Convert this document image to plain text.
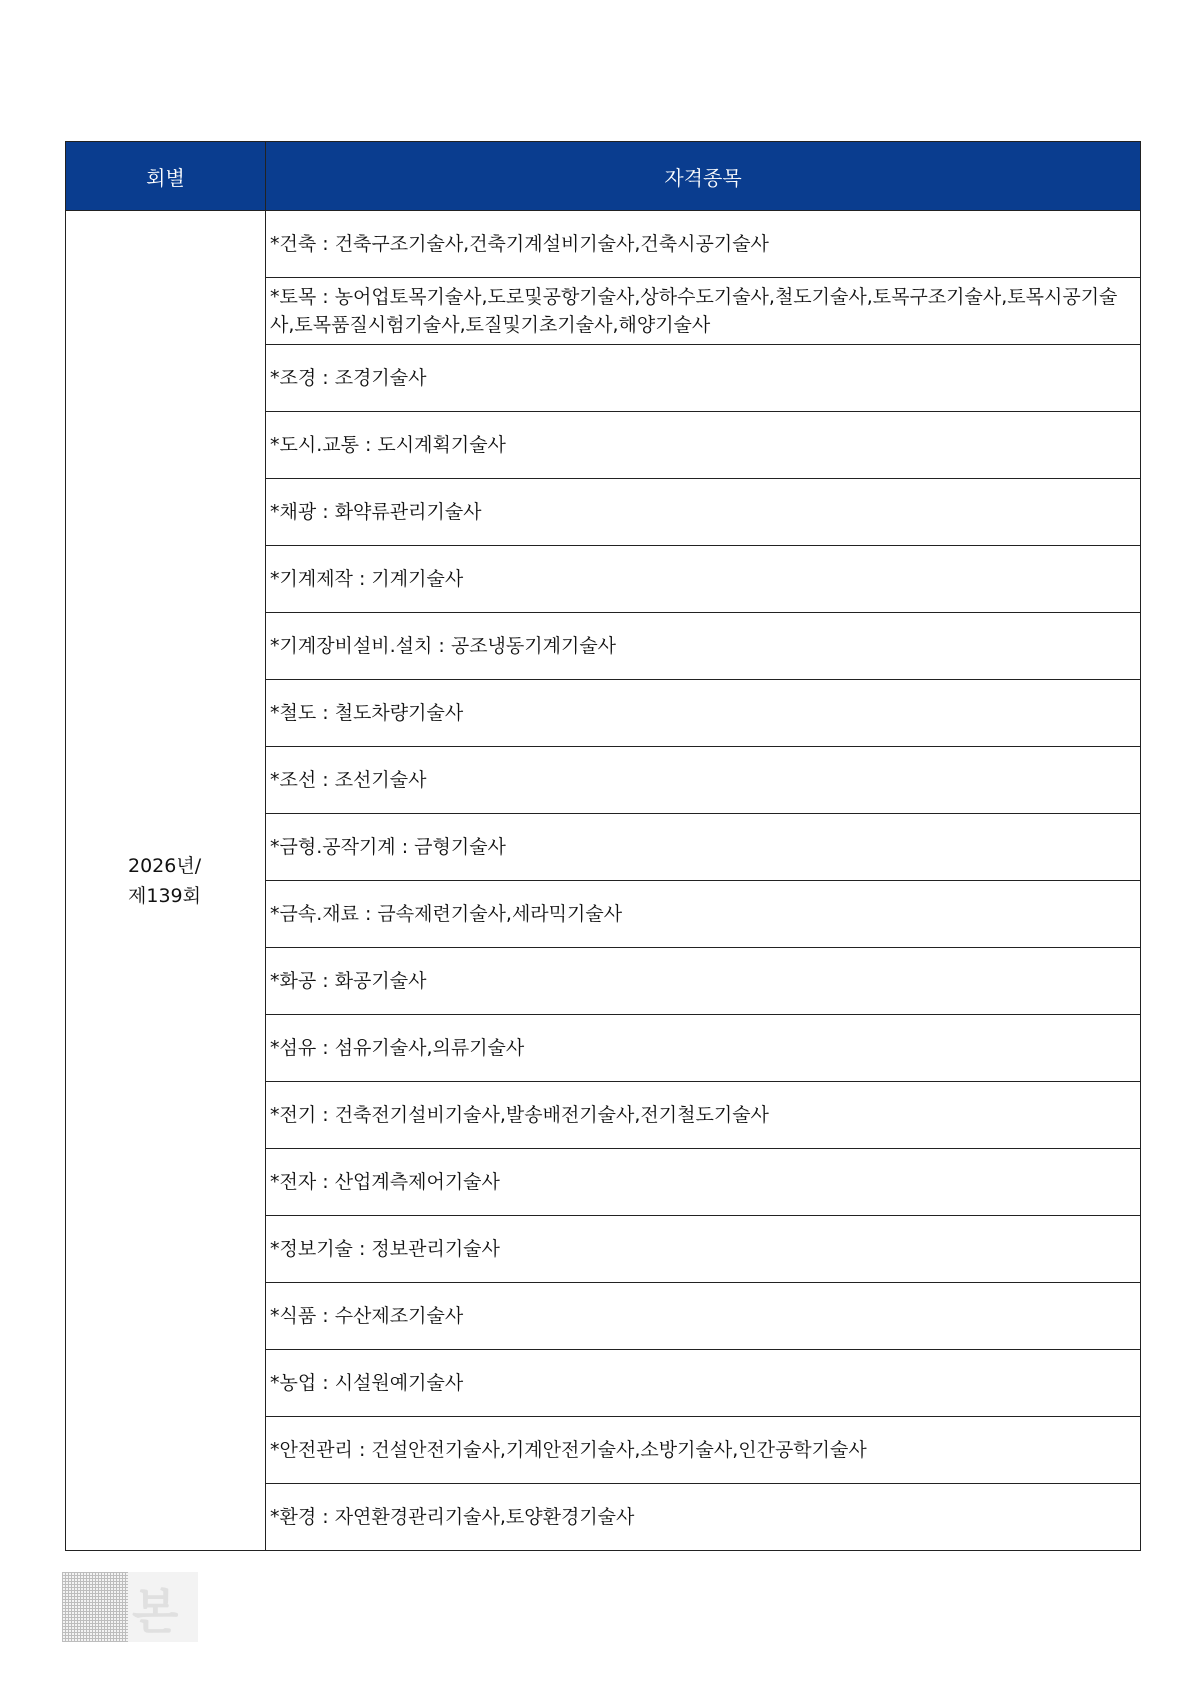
회별	자격종목
2026년/
제139회	*건축 : 건축구조기술사,건축기계설비기술사,건축시공기술사
	*토목 : 농어업토목기술사,도로및공항기술사,상하수도기술사,철도기술사,토목구조기술사,토목시공기술사,토목품질시험기술사,토질및기초기술사,해양기술사
	*조경 : 조경기술사
	*도시.교통 : 도시계획기술사
	*채광 : 화약류관리기술사
	*기계제작 : 기계기술사
	*기계장비설비.설치 : 공조냉동기계기술사
	*철도 : 철도차량기술사
	*조선 : 조선기술사
	*금형.공작기계 : 금형기술사
	*금속.재료 : 금속제련기술사,세라믹기술사
	*화공 : 화공기술사
	*섬유 : 섬유기술사,의류기술사
	*전기 : 건축전기설비기술사,발송배전기술사,전기철도기술사
	*전자 : 산업계측제어기술사
	*정보기술 : 정보관리기술사
	*식품 : 수산제조기술사
	*농업 : 시설원예기술사
	*안전관리 : 건설안전기술사,기계안전기술사,소방기술사,인간공학기술사
	*환경 : 자연환경관리기술사,토양환경기술사
본
